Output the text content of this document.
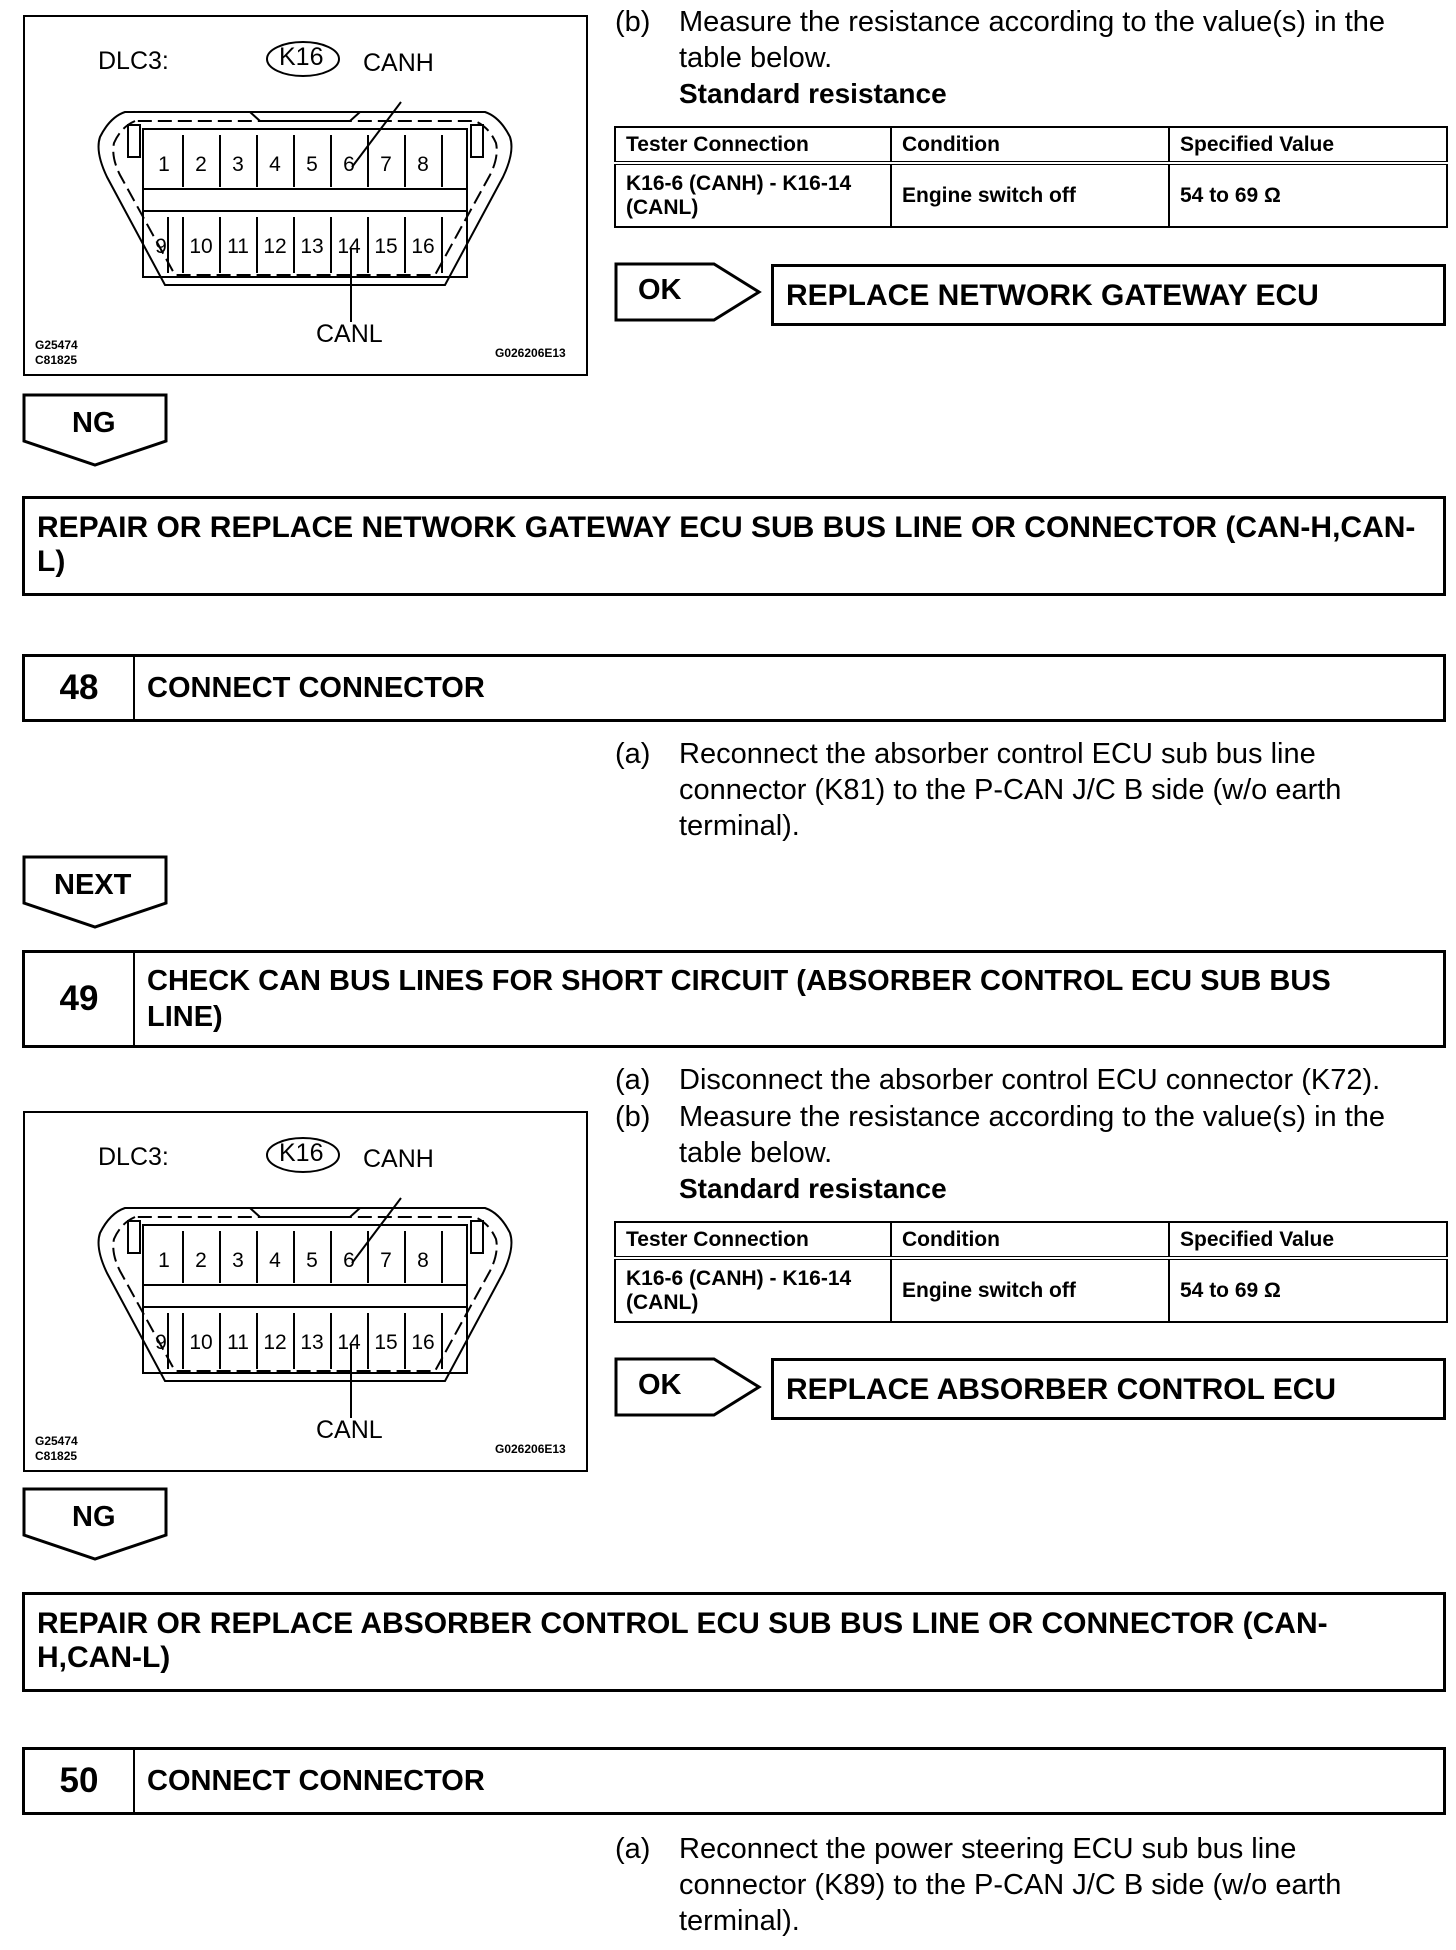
DLC3:	K16 CANH
CANL
G25474
C81825	G026206E13
1	2	3	4	5	6	7	8
9	10 11 12 13 14 15 16
(b) Measure the resistance according to the value(s) in the
table below.
Standard resistance
Tester Connection	Condition	Specified Value

K16-6 (CANH) - K16-14
(CANL)	Engine switch off	54 to 69 Ω
OK	REPLACE NETWORK GATEWAY ECU
NG
REPAIR OR REPLACE NETWORK GATEWAY ECU SUB BUS LINE OR CONNECTOR (CAN-H,CAN-
L)
48	CONNECT CONNECTOR
(a) Reconnect the absorber control ECU sub bus line
connector (K81) to the P-CAN J/C B side (w/o earth
terminal).
NEXT
49	CHECK CAN BUS LINES FOR SHORT CIRCUIT (ABSORBER CONTROL ECU SUB BUS
LINE)
(a) Disconnect the absorber control ECU connector (K72).
(b) Measure the resistance according to the value(s) in the
table below.
Standard resistance
DLC3:	K16 CANH
CANL
G25474
C81825	G026206E13
1	2	3	4	5	6	7	8
9	10 11 12 13 14 15 16
Tester Connection	Condition	Specified Value

K16-6 (CANH) - K16-14
(CANL)	Engine switch off	54 to 69 Ω
OK	REPLACE ABSORBER CONTROL ECU
NG
REPAIR OR REPLACE ABSORBER CONTROL ECU SUB BUS LINE OR CONNECTOR (CAN-
H,CAN-L)
50	CONNECT CONNECTOR
(a) Reconnect the power steering ECU sub bus line
connector (K89) to the P-CAN J/C B side (w/o earth
terminal).
